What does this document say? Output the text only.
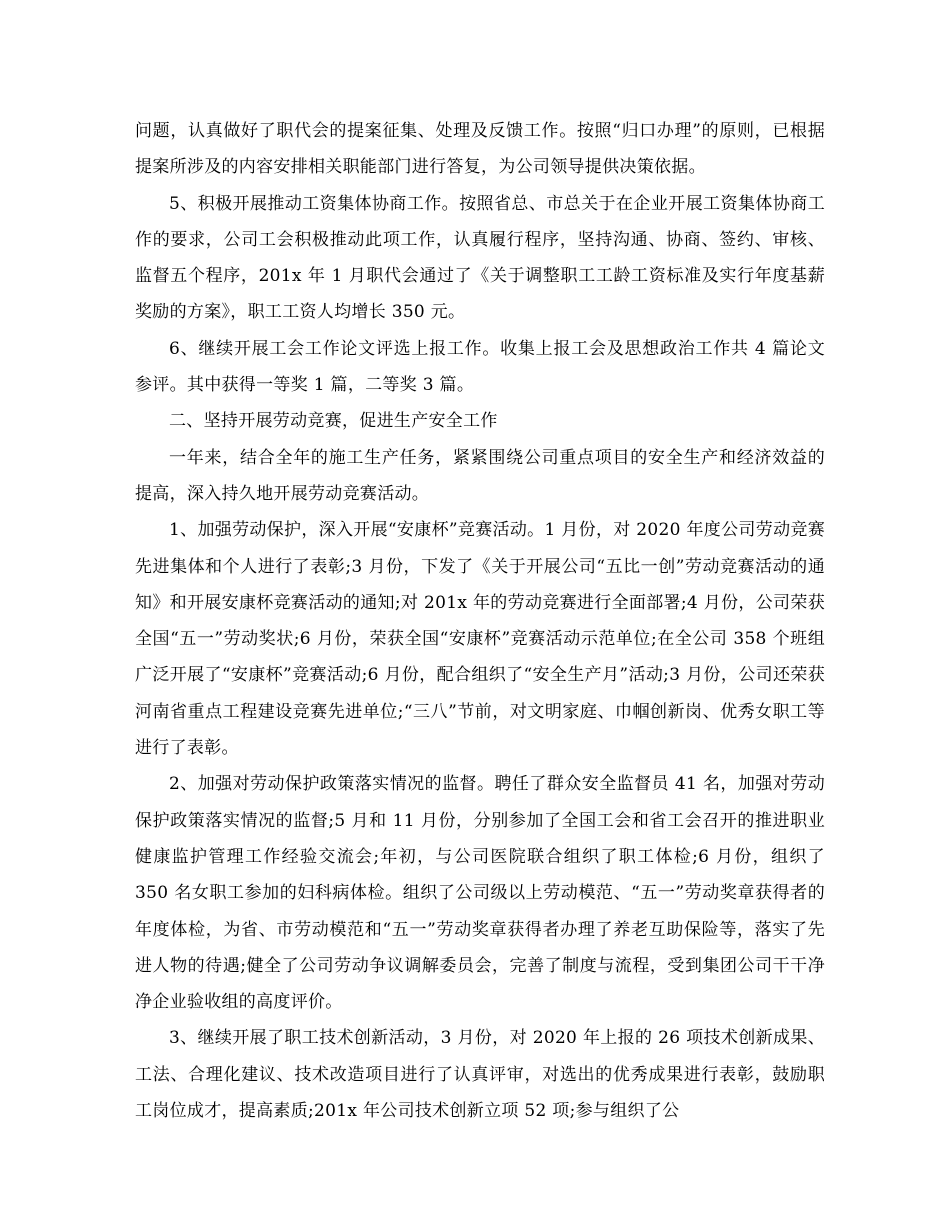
问题，认真做好了职代会的提案征集、处理及反馈工作。按照“归口办理”的原则，已根据提案所涉及的内容安排相关职能部门进行答复，为公司领导提供决策依据。

5、积极开展推动工资集体协商工作。按照省总、市总关于在企业开展工资集体协商工作的要求，公司工会积极推动此项工作，认真履行程序，坚持沟通、协商、签约、审核、监督五个程序，201x 年 1 月职代会通过了《关于调整职工工龄工资标准及实行年度基薪奖励的方案》，职工工资人均增长 350 元。

6、继续开展工会工作论文评选上报工作。收集上报工会及思想政治工作共 4 篇论文参评。其中获得一等奖 1 篇，二等奖 3 篇。

二、坚持开展劳动竞赛，促进生产安全工作

一年来，结合全年的施工生产任务，紧紧围绕公司重点项目的安全生产和经济效益的提高，深入持久地开展劳动竞赛活动。

1、加强劳动保护，深入开展“安康杯”竞赛活动。1 月份，对 2020 年度公司劳动竞赛先进集体和个人进行了表彰;3 月份，下发了《关于开展公司“五比一创”劳动竞赛活动的通知》和开展安康杯竞赛活动的通知;对 201x 年的劳动竞赛进行全面部署;4 月份，公司荣获全国“五一”劳动奖状;6 月份，荣获全国“安康杯”竞赛活动示范单位;在全公司 358 个班组广泛开展了“安康杯”竞赛活动;6 月份，配合组织了“安全生产月”活动;3 月份，公司还荣获河南省重点工程建设竞赛先进单位;“三八”节前，对文明家庭、巾帼创新岗、优秀女职工等进行了表彰。

2、加强对劳动保护政策落实情况的监督。聘任了群众安全监督员 41 名，加强对劳动保护政策落实情况的监督;5 月和 11 月份，分别参加了全国工会和省工会召开的推进职业健康监护管理工作经验交流会;年初，与公司医院联合组织了职工体检;6 月份，组织了 350 名女职工参加的妇科病体检。组织了公司级以上劳动模范、“五一”劳动奖章获得者的年度体检，为省、市劳动模范和“五一”劳动奖章获得者办理了养老互助保险等，落实了先进人物的待遇;健全了公司劳动争议调解委员会，完善了制度与流程，受到集团公司干干净净企业验收组的高度评价。

3、继续开展了职工技术创新活动，3 月份，对 2020 年上报的 26 项技术创新成果、工法、合理化建议、技术改造项目进行了认真评审，对选出的优秀成果进行表彰，鼓励职工岗位成才，提高素质;201x 年公司技术创新立项 52 项;参与组织了公
